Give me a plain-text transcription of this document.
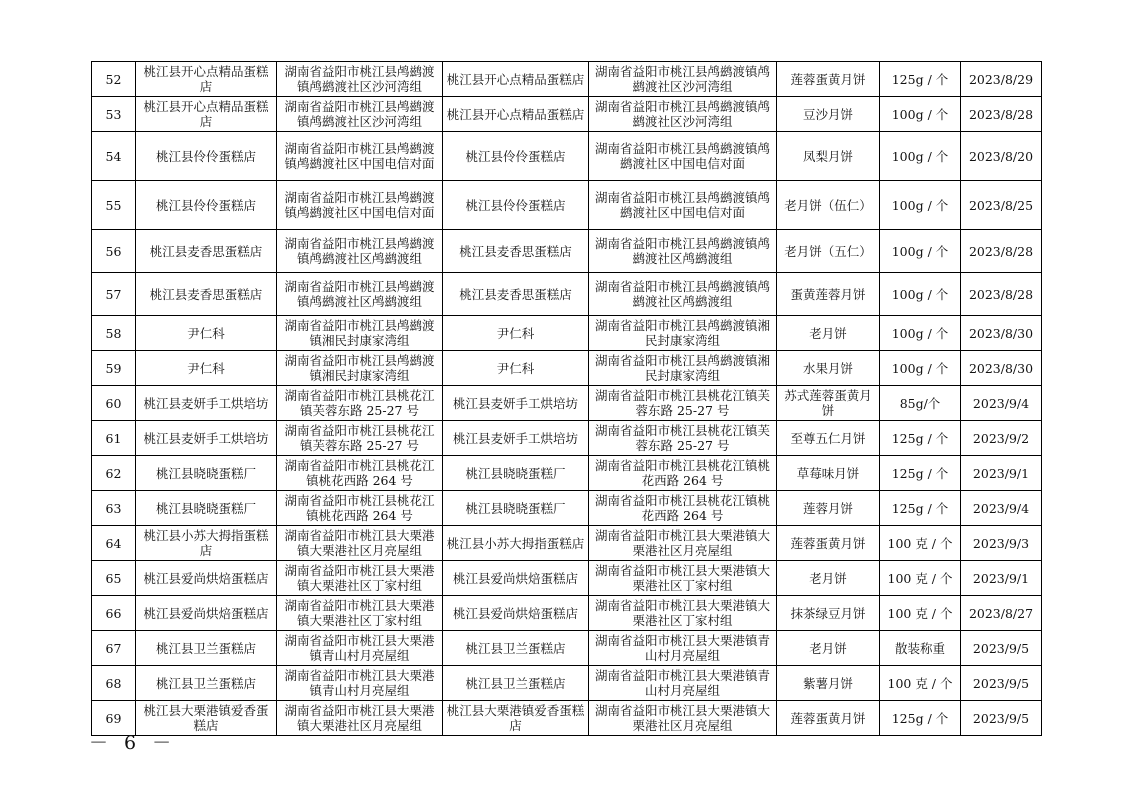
52	桃江县开心点精品蛋糕店	湖南省益阳市桃江县鸬鹚渡镇鸬鹚渡社区沙河湾组	桃江县开心点精品蛋糕店	湖南省益阳市桃江县鸬鹚渡镇鸬鹚渡社区沙河湾组	莲蓉蛋黄月饼	125g / 个	2023/8/29
53	桃江县开心点精品蛋糕店	湖南省益阳市桃江县鸬鹚渡镇鸬鹚渡社区沙河湾组	桃江县开心点精品蛋糕店	湖南省益阳市桃江县鸬鹚渡镇鸬鹚渡社区沙河湾组	豆沙月饼	100g / 个	2023/8/28
54	桃江县伶伶蛋糕店	湖南省益阳市桃江县鸬鹚渡镇鸬鹚渡社区中国电信对面	桃江县伶伶蛋糕店	湖南省益阳市桃江县鸬鹚渡镇鸬鹚渡社区中国电信对面	凤梨月饼	100g / 个	2023/8/20
55	桃江县伶伶蛋糕店	湖南省益阳市桃江县鸬鹚渡镇鸬鹚渡社区中国电信对面	桃江县伶伶蛋糕店	湖南省益阳市桃江县鸬鹚渡镇鸬鹚渡社区中国电信对面	老月饼（伍仁）	100g / 个	2023/8/25
56	桃江县麦香思蛋糕店	湖南省益阳市桃江县鸬鹚渡镇鸬鹚渡社区鸬鹚渡组	桃江县麦香思蛋糕店	湖南省益阳市桃江县鸬鹚渡镇鸬鹚渡社区鸬鹚渡组	老月饼（五仁）	100g / 个	2023/8/28
57	桃江县麦香思蛋糕店	湖南省益阳市桃江县鸬鹚渡镇鸬鹚渡社区鸬鹚渡组	桃江县麦香思蛋糕店	湖南省益阳市桃江县鸬鹚渡镇鸬鹚渡社区鸬鹚渡组	蛋黄莲蓉月饼	100g / 个	2023/8/28
58	尹仁科	湖南省益阳市桃江县鸬鹚渡镇湘民封康家湾组	尹仁科	湖南省益阳市桃江县鸬鹚渡镇湘民封康家湾组	老月饼	100g / 个	2023/8/30
59	尹仁科	湖南省益阳市桃江县鸬鹚渡镇湘民封康家湾组	尹仁科	湖南省益阳市桃江县鸬鹚渡镇湘民封康家湾组	水果月饼	100g / 个	2023/8/30
60	桃江县麦妍手工烘培坊	湖南省益阳市桃江县桃花江镇芙蓉东路 25-27 号	桃江县麦妍手工烘培坊	湖南省益阳市桃江县桃花江镇芙蓉东路 25-27 号	苏式莲蓉蛋黄月饼	85g/个	2023/9/4
61	桃江县麦妍手工烘培坊	湖南省益阳市桃江县桃花江镇芙蓉东路 25-27 号	桃江县麦妍手工烘培坊	湖南省益阳市桃江县桃花江镇芙蓉东路 25-27 号	至尊五仁月饼	125g / 个	2023/9/2
62	桃江县晓晓蛋糕厂	湖南省益阳市桃江县桃花江镇桃花西路 264 号	桃江县晓晓蛋糕厂	湖南省益阳市桃江县桃花江镇桃花西路 264 号	草莓味月饼	125g / 个	2023/9/1
63	桃江县晓晓蛋糕厂	湖南省益阳市桃江县桃花江镇桃花西路 264 号	桃江县晓晓蛋糕厂	湖南省益阳市桃江县桃花江镇桃花西路 264 号	莲蓉月饼	125g / 个	2023/9/4
64	桃江县小苏大拇指蛋糕店	湖南省益阳市桃江县大栗港镇大栗港社区月亮屋组	桃江县小苏大拇指蛋糕店	湖南省益阳市桃江县大栗港镇大栗港社区月亮屋组	莲蓉蛋黄月饼	100 克 / 个	2023/9/3
65	桃江县爱尚烘焙蛋糕店	湖南省益阳市桃江县大栗港镇大栗港社区丁家村组	桃江县爱尚烘焙蛋糕店	湖南省益阳市桃江县大栗港镇大栗港社区丁家村组	老月饼	100 克 / 个	2023/9/1
66	桃江县爱尚烘焙蛋糕店	湖南省益阳市桃江县大栗港镇大栗港社区丁家村组	桃江县爱尚烘焙蛋糕店	湖南省益阳市桃江县大栗港镇大栗港社区丁家村组	抹茶绿豆月饼	100 克 / 个	2023/8/27
67	桃江县卫兰蛋糕店	湖南省益阳市桃江县大栗港镇青山村月亮屋组	桃江县卫兰蛋糕店	湖南省益阳市桃江县大栗港镇青山村月亮屋组	老月饼	散装称重	2023/9/5
68	桃江县卫兰蛋糕店	湖南省益阳市桃江县大栗港镇青山村月亮屋组	桃江县卫兰蛋糕店	湖南省益阳市桃江县大栗港镇青山村月亮屋组	紫薯月饼	100 克 / 个	2023/9/5
69	桃江县大栗港镇爱香蛋糕店	湖南省益阳市桃江县大栗港镇大栗港社区月亮屋组	桃江县大栗港镇爱香蛋糕店	湖南省益阳市桃江县大栗港镇大栗港社区月亮屋组	莲蓉蛋黄月饼	125g / 个	2023/9/5
－ 6 －
